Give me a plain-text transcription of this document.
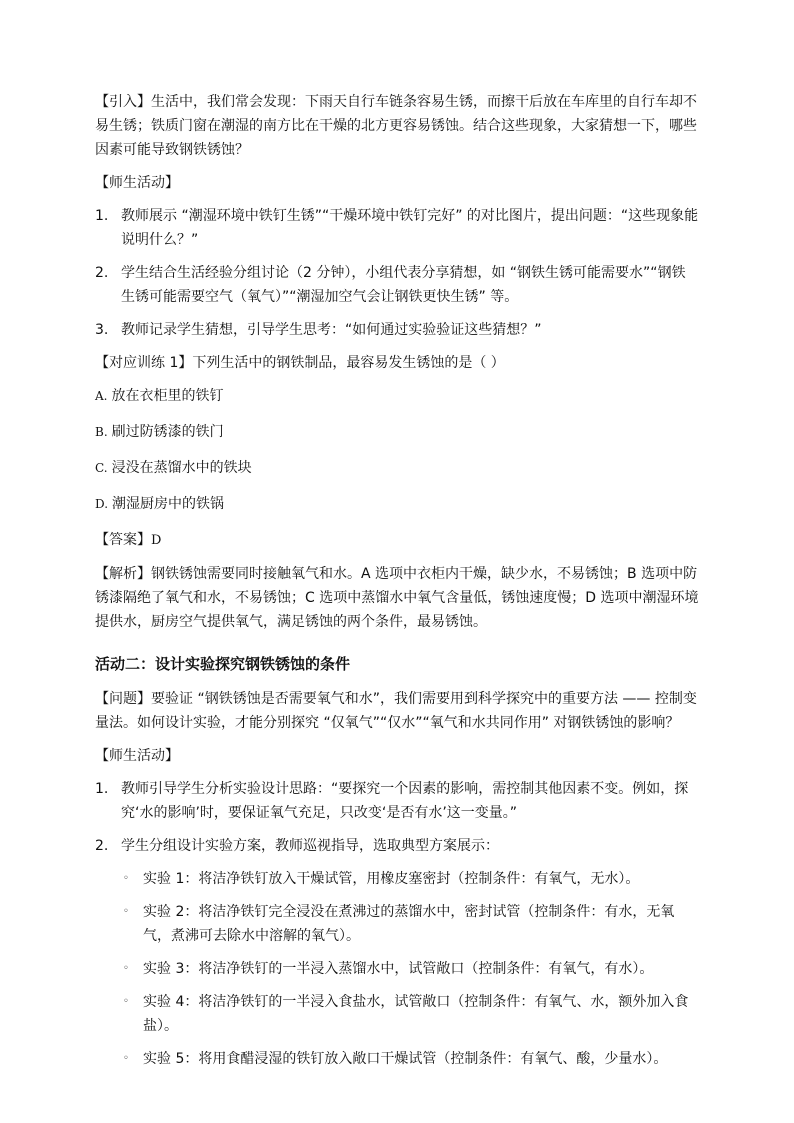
【引入】生活中，我们常会发现：下雨天自行车链条容易生锈，而擦干后放在车库里的自行车却不易生锈；铁质门窗在潮湿的南方比在干燥的北方更容易锈蚀。结合这些现象，大家猜想一下，哪些因素可能导致钢铁锈蚀？

【师生活动】
1. 教师展示 “潮湿环境中铁钉生锈”“干燥环境中铁钉完好” 的对比图片，提出问题：“这些现象能说明什么？”
2. 学生结合生活经验分组讨论（2 分钟），小组代表分享猜想，如 “钢铁生锈可能需要水”“钢铁生锈可能需要空气（氧气）”“潮湿加空气会让钢铁更快生锈” 等。
3. 教师记录学生猜想，引导学生思考：“如何通过实验验证这些猜想？”

【对应训练 1】下列生活中的钢铁制品，最容易发生锈蚀的是（ ）

A. 放在衣柜里的铁钉
B. 刷过防锈漆的铁门
C. 浸没在蒸馏水中的铁块
D. 潮湿厨房中的铁锅

【答案】D

【解析】钢铁锈蚀需要同时接触氧气和水。A 选项中衣柜内干燥，缺少水，不易锈蚀；B 选项中防锈漆隔绝了氧气和水，不易锈蚀；C 选项中蒸馏水中氧气含量低，锈蚀速度慢；D 选项中潮湿环境提供水，厨房空气提供氧气，满足锈蚀的两个条件，最易锈蚀。

活动二：设计实验探究钢铁锈蚀的条件

【问题】要验证 “钢铁锈蚀是否需要氧气和水”，我们需要用到科学探究中的重要方法 —— 控制变量法。如何设计实验，才能分别探究 “仅氧气”“仅水”“氧气和水共同作用” 对钢铁锈蚀的影响？

【师生活动】
1. 教师引导学生分析实验设计思路：“要探究一个因素的影响，需控制其他因素不变。例如，探究‘水的影响’时，要保证氧气充足，只改变‘是否有水’这一变量。”
2. 学生分组设计实验方案，教师巡视指导，选取典型方案展示：
◦ 实验 1：将洁净铁钉放入干燥试管，用橡皮塞密封（控制条件：有氧气，无水）。
◦ 实验 2：将洁净铁钉完全浸没在煮沸过的蒸馏水中，密封试管（控制条件：有水，无氧气，煮沸可去除水中溶解的氧气）。
◦ 实验 3：将洁净铁钉的一半浸入蒸馏水中，试管敞口（控制条件：有氧气，有水）。
◦ 实验 4：将洁净铁钉的一半浸入食盐水，试管敞口（控制条件：有氧气、水，额外加入食盐）。
◦ 实验 5：将用食醋浸湿的铁钉放入敞口干燥试管（控制条件：有氧气、酸，少量水）。
